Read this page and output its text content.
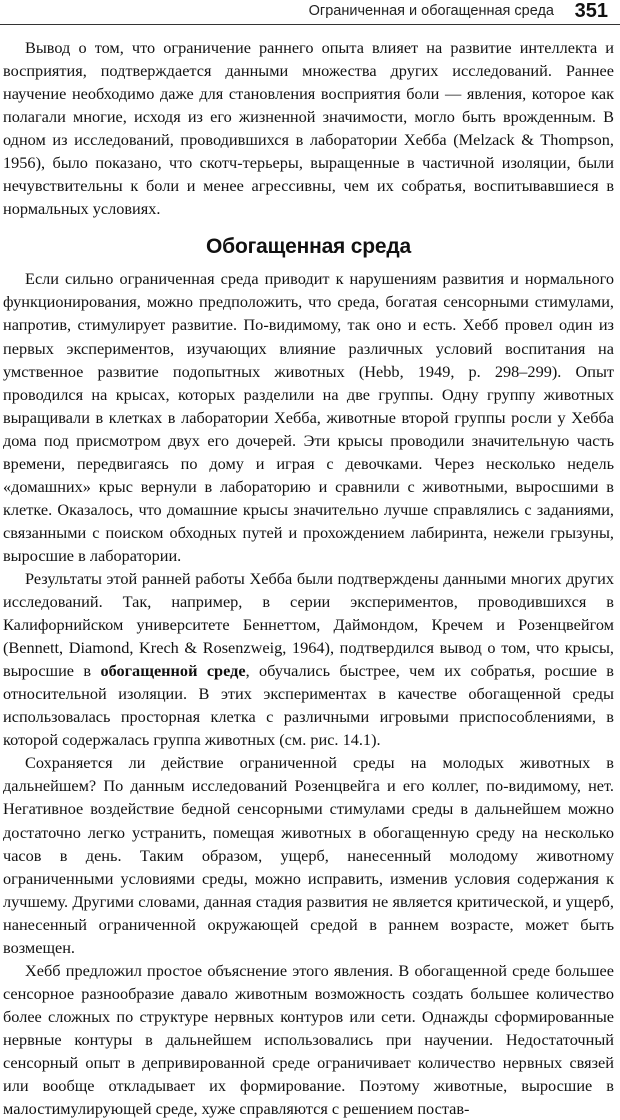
Ограниченная и обогащенная среда 351

Вывод о том, что ограничение раннего опыта влияет на развитие интеллекта и восприятия, подтверждается данными множества других исследований. Раннее научение необходимо даже для становления восприятия боли — явления, которое как полагали многие, исходя из его жизненной значимости, могло быть врожденным. В одном из исследований, проводившихся в лаборатории Хебба (Melzack & Thompson, 1956), было показано, что скотч-терьеры, выращенные в частичной изоляции, были нечувствительны к боли и менее агрессивны, чем их собратья, воспитывавшиеся в нормальных условиях.

Обогащенная среда

Если сильно ограниченная среда приводит к нарушениям развития и нормального функционирования, можно предположить, что среда, богатая сенсорными стимулами, напротив, стимулирует развитие. По-видимому, так оно и есть. Хебб провел один из первых экспериментов, изучающих влияние различных условий воспитания на умственное развитие подопытных животных (Hebb, 1949, p. 298–299). Опыт проводился на крысах, которых разделили на две группы. Одну группу животных выращивали в клетках в лаборатории Хебба, животные второй группы росли у Хебба дома под присмотром двух его дочерей. Эти крысы проводили значительную часть времени, передвигаясь по дому и играя с девочками. Через несколько недель «домашних» крыс вернули в лабораторию и сравнили с животными, выросшими в клетке. Оказалось, что домашние крысы значительно лучше справлялись с заданиями, связанными с поиском обходных путей и прохождением лабиринта, нежели грызуны, выросшие в лаборатории.

Результаты этой ранней работы Хебба были подтверждены данными многих других исследований. Так, например, в серии экспериментов, проводившихся в Калифорнийском университете Беннеттом, Даймондом, Кречем и Розенцвейгом (Bennett, Diamond, Krech & Rosenzweig, 1964), подтвердился вывод о том, что крысы, выросшие в обогащенной среде, обучались быстрее, чем их собратья, росшие в относительной изоляции. В этих экспериментах в качестве обогащенной среды использовалась просторная клетка с различными игровыми приспособлениями, в которой содержалась группа животных (см. рис. 14.1).

Сохраняется ли действие ограниченной среды на молодых животных в дальнейшем? По данным исследований Розенцвейга и его коллег, по-видимому, нет. Негативное воздействие бедной сенсорными стимулами среды в дальнейшем можно достаточно легко устранить, помещая животных в обогащенную среду на несколько часов в день. Таким образом, ущерб, нанесенный молодому животному ограниченными условиями среды, можно исправить, изменив условия содержания к лучшему. Другими словами, данная стадия развития не является критической, и ущерб, нанесенный ограниченной окружающей средой в раннем возрасте, может быть возмещен.

Хебб предложил простое объяснение этого явления. В обогащенной среде большее сенсорное разнообразие давало животным возможность создать большее количество более сложных по структуре нервных контуров или сети. Однажды сформированные нервные контуры в дальнейшем использовались при научении. Недостаточный сенсорный опыт в депривированной среде ограничивает количество нервных связей или вообще откладывает их формирование. Поэтому животные, выросшие в малостимулирующей среде, хуже справляются с решением постав-
